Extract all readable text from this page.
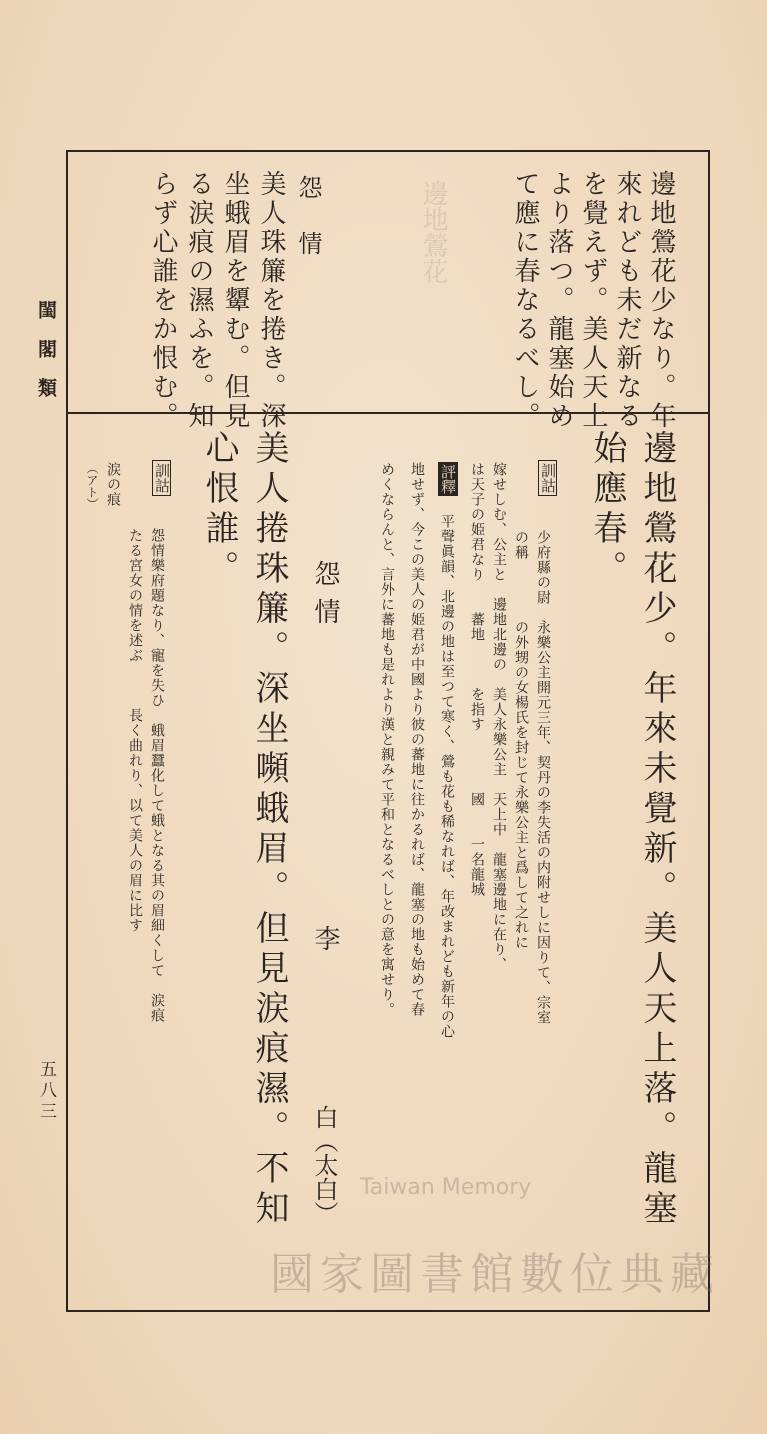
閨閣類
五八三
邊地鶯花少なり。年
來れども未だ新なる
を覺えず。美人天上
より落つ。龍塞始め
て應に春なるべし。
邊地鶯花
怨　情
美人珠簾を捲き。深
坐蛾眉を顰む。但見
る涙痕の濕ふを。知
らず心誰をか恨む。
邊地鶯花少。年來未覺新。美人天上落。龍塞
始應春。
訓詁
少府縣の尉　永樂公主開元三年、契丹の李失活の内附せしに因りて、宗室
の稱　　　　の外甥の女楊氏を封じて永樂公主と爲して之れに
嫁せしむ、公主と　邊地北邊の　美人永樂公主　天上中　龍塞邊地に在り、
は天子の姫君なり　　蕃地　　　を指す　　　　國　　一名龍城
評釋
平聲眞韻、北邊の地は至つて寒く、鶯も花も稀なれば、年改まれども新年の心
地せず、今この美人の姫君が中國より彼の蕃地に往かるれば、龍塞の地も始めて春
めくならんと、言外に蕃地も是れより漢と親みて平和となるべしとの意を寓せり。
怨情
李
白（太白）
美人捲珠簾。深坐嚬蛾眉。但見涙痕濕。不知
心恨誰。
訓詁
怨情樂府題なり、寵を失ひ　蛾眉蠶化して蛾となる其の眉細くして　涙痕
たる宮女の情を述ぶ　　　長く曲れり、以て美人の眉に比す
涙の痕
（アト）
Taiwan Memory
國家圖書館數位典藏
